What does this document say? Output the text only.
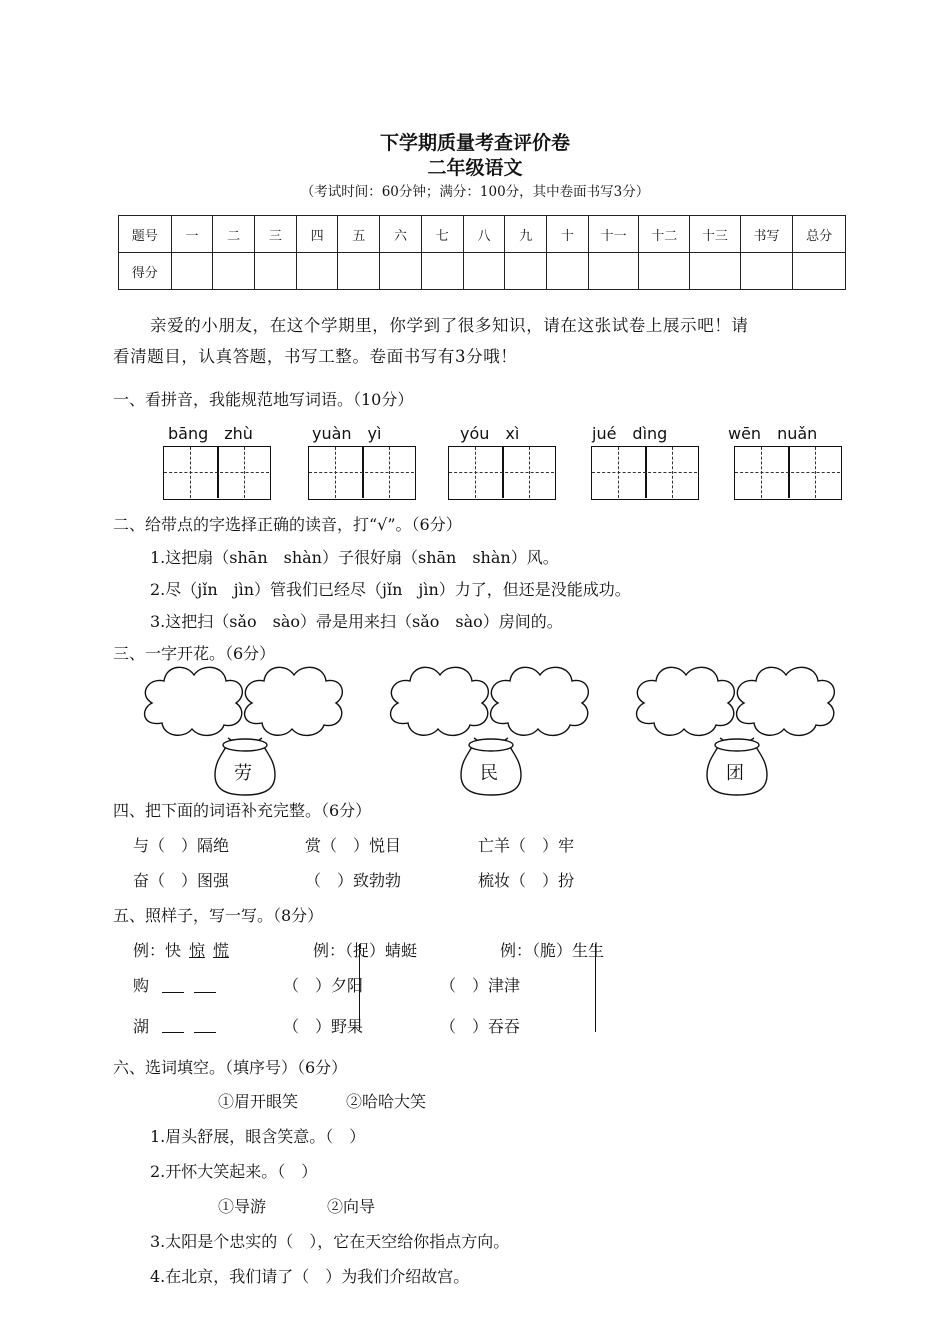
下学期质量考查评价卷
二年级语文
（考试时间：60分钟；满分：100分，其中卷面书写3分）
题号	一	二	三	四	五	六	七	八	九	十	十一	十二	十三	书写	总分
得分															
亲爱的小朋友，在这个学期里，你学到了很多知识，请在这张试卷上展示吧！请
看清题目，认真答题，书写工整。卷面书写有3分哦！
一、看拼音，我能规范地写词语。（10分）
bāng　zhù	yuàn　yì	yóu　xì	jué　dìng	wēn　nuǎn
二、给带点的字选择正确的读音，打“√”。（6分）
1.这把扇（shān　shàn）子很好扇（shān　shàn）风。
2.尽（jǐn　jìn）管我们已经尽（jǐn　jìn）力了，但还是没能成功。
3.这把扫（sǎo　sào）帚是用来扫（sǎo　sào）房间的。
三、一字开花。（6分）
劳	民	团
四、把下面的词语补充完整。（6分）
与（　）隔绝	赏（　）悦目	亡羊（　）牢
奋（　）图强	（　）致勃勃	梳妆（　）扮
五、照样子，写一写。（8分）
例：快  惊  慌	例：（捉）蜻蜓	例：（脆）生生
购	（　）夕阳	（　）津津
湖	（　）野果	（　）吞吞
六、选词填空。（填序号）（6分）
①眉开眼笑	②哈哈大笑
1.眉头舒展，眼含笑意。（　）
2.开怀大笑起来。（　）
①导游	②向导
3.太阳是个忠实的（　），它在天空给你指点方向。
4.在北京，我们请了（　）为我们介绍故宫。
